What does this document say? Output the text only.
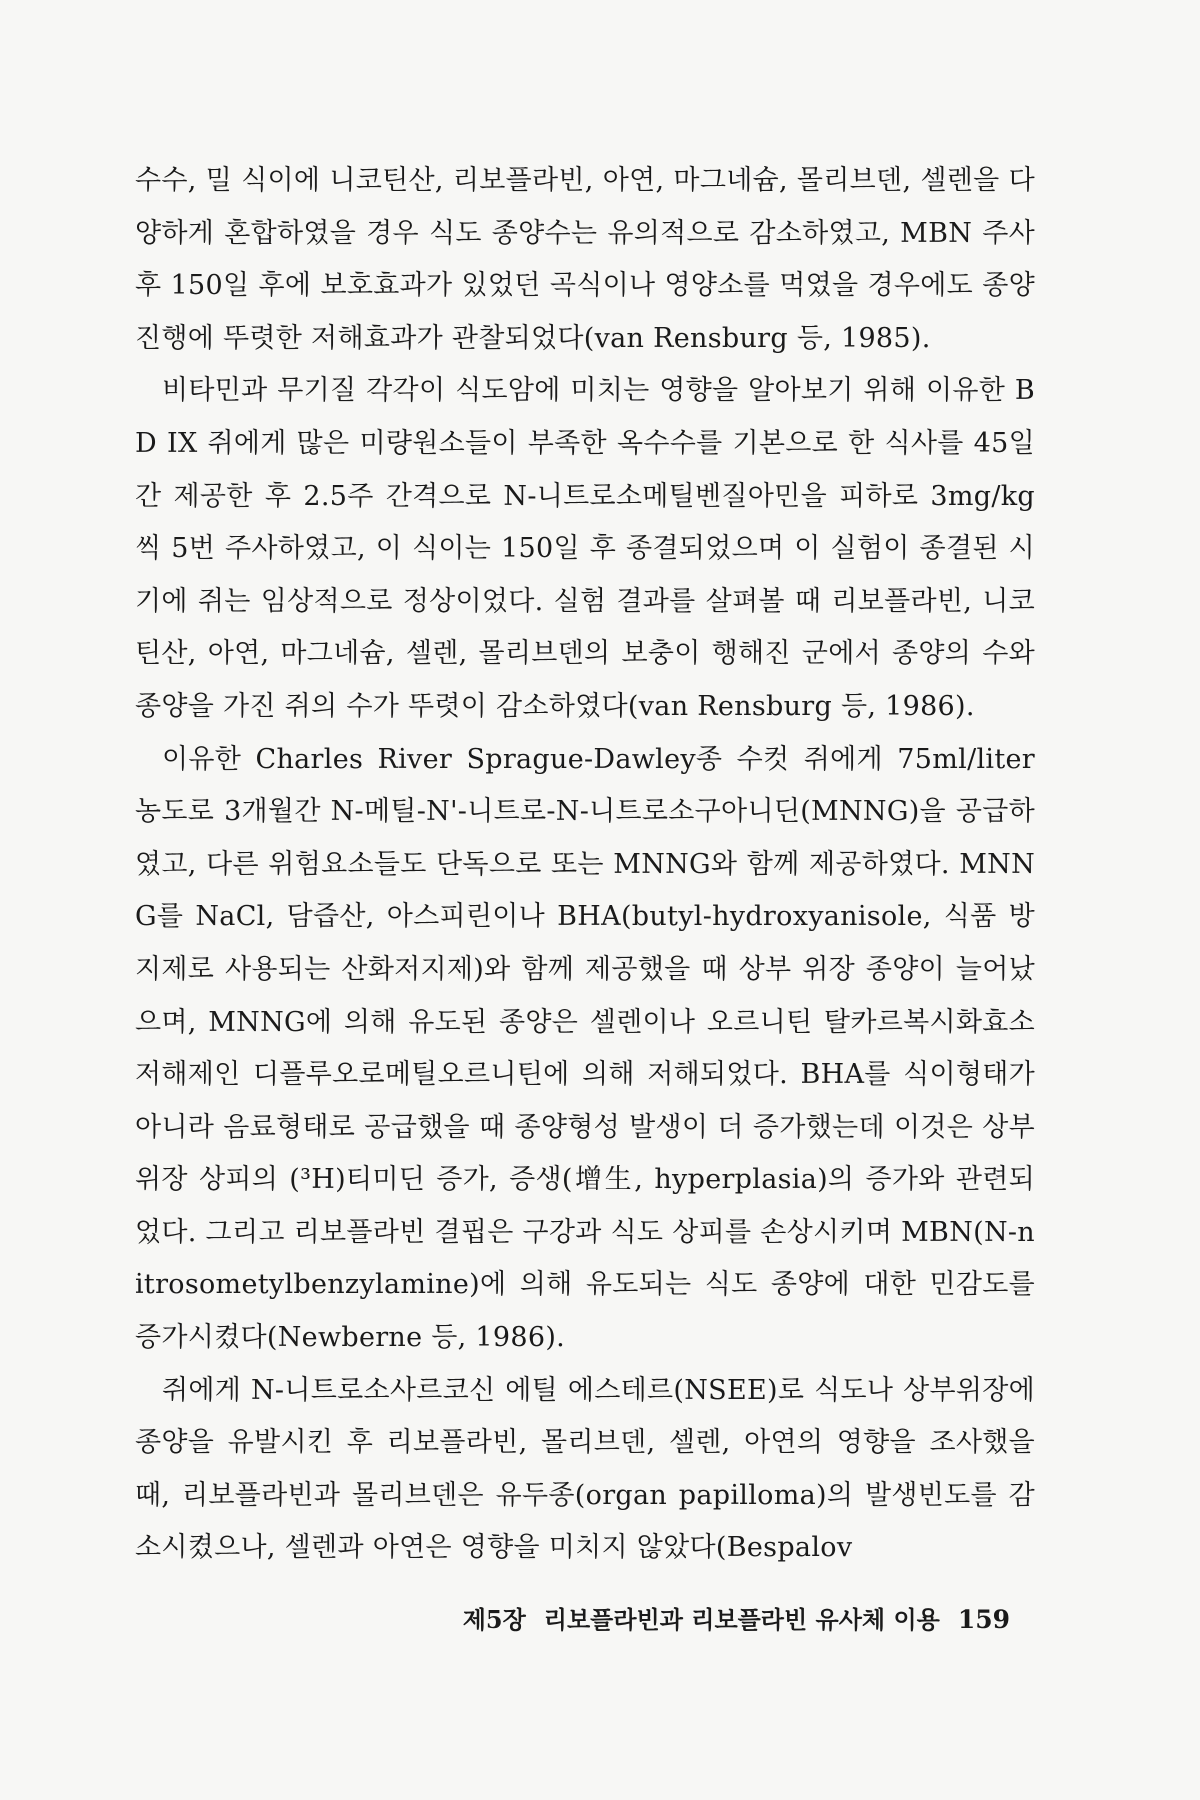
수수, 밀 식이에 니코틴산, 리보플라빈, 아연, 마그네슘, 몰리브덴, 셀렌을 다양하게 혼합하였을 경우 식도 종양수는 유의적으로 감소하였고, MBN 주사 후 150일 후에 보호효과가 있었던 곡식이나 영양소를 먹였을 경우에도 종양 진행에 뚜렷한 저해효과가 관찰되었다(van Rensburg 등, 1985).

비타민과 무기질 각각이 식도암에 미치는 영향을 알아보기 위해 이유한 BD IX 쥐에게 많은 미량원소들이 부족한 옥수수를 기본으로 한 식사를 45일간 제공한 후 2.5주 간격으로 N-니트로소메틸벤질아민을 피하로 3mg/kg씩 5번 주사하였고, 이 식이는 150일 후 종결되었으며 이 실험이 종결된 시기에 쥐는 임상적으로 정상이었다. 실험 결과를 살펴볼 때 리보플라빈, 니코틴산, 아연, 마그네슘, 셀렌, 몰리브덴의 보충이 행해진 군에서 종양의 수와 종양을 가진 쥐의 수가 뚜렷이 감소하였다(van Rensburg 등, 1986).

이유한 Charles River Sprague-Dawley종 수컷 쥐에게 75ml/liter 농도로 3개월간 N-메틸-N'-니트로-N-니트로소구아니딘(MNNG)을 공급하였고, 다른 위험요소들도 단독으로 또는 MNNG와 함께 제공하였다. MNNG를 NaCl, 담즙산, 아스피린이나 BHA(butyl-hydroxyanisole, 식품 방지제로 사용되는 산화저지제)와 함께 제공했을 때 상부 위장 종양이 늘어났으며, MNNG에 의해 유도된 종양은 셀렌이나 오르니틴 탈카르복시화효소 저해제인 디플루오로메틸오르니틴에 의해 저해되었다. BHA를 식이형태가 아니라 음료형태로 공급했을 때 종양형성 발생이 더 증가했는데 이것은 상부위장 상피의 (³H)티미딘 증가, 증생(增生, hyperplasia)의 증가와 관련되었다. 그리고 리보플라빈 결핍은 구강과 식도 상피를 손상시키며 MBN(N-nitrosometylbenzylamine)에 의해 유도되는 식도 종양에 대한 민감도를 증가시켰다(Newberne 등, 1986).

쥐에게 N-니트로소사르코신 에틸 에스테르(NSEE)로 식도나 상부위장에 종양을 유발시킨 후 리보플라빈, 몰리브덴, 셀렌, 아연의 영향을 조사했을 때, 리보플라빈과 몰리브덴은 유두종(organ papilloma)의 발생빈도를 감소시켰으나, 셀렌과 아연은 영향을 미치지 않았다(Bespalov

제5장 리보플라빈과 리보플라빈 유사체 이용 159
